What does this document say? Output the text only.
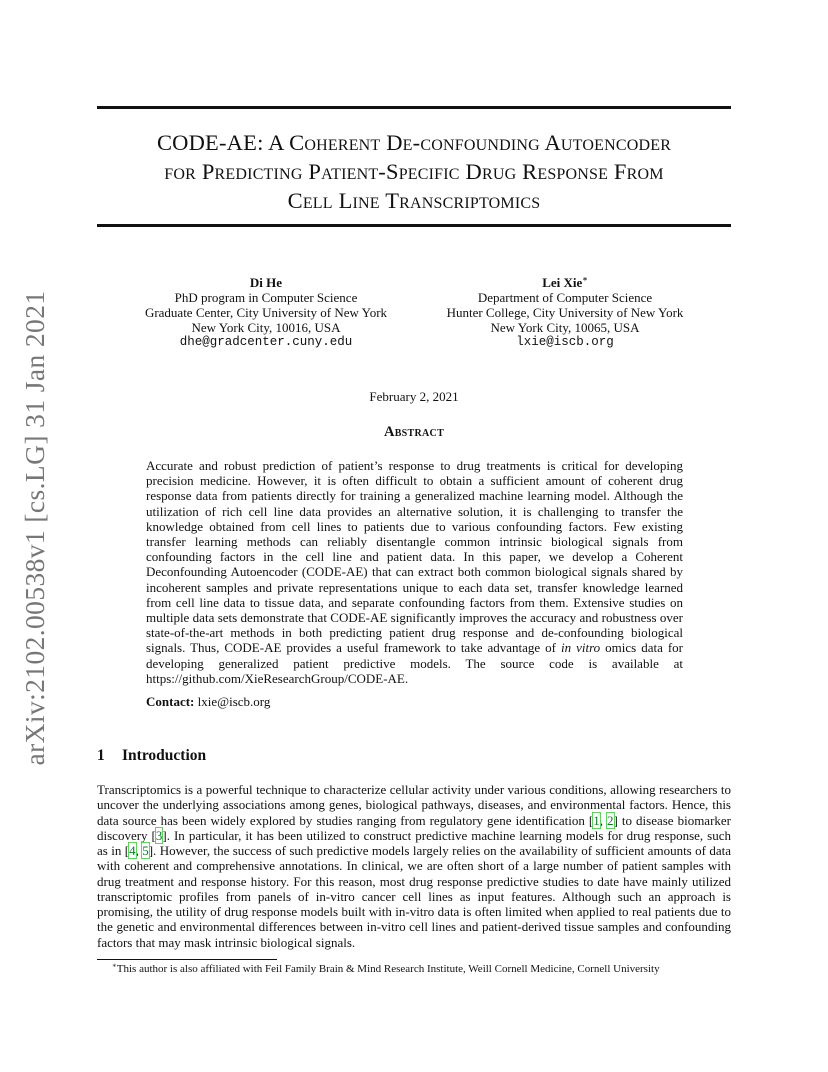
arXiv:2102.00538v1 [cs.LG] 31 Jan 2021
CODE-AE: A Coherent De-confounding Autoencoder
for Predicting Patient-Specific Drug Response From
Cell Line Transcriptomics
Di He
PhD program in Computer Science
Graduate Center, City University of New York
New York City, 10016, USA
dhe@gradcenter.cuny.edu
Lei Xie∗
Department of Computer Science
Hunter College, City University of New York
New York City, 10065, USA
lxie@iscb.org
February 2, 2021
Abstract
Accurate and robust prediction of patient’s response to drug treatments is critical for developing precision medicine. However, it is often difficult to obtain a sufficient amount of coherent drug response data from patients directly for training a generalized machine learning model. Although the utilization of rich cell line data provides an alternative solution, it is challenging to transfer the knowledge obtained from cell lines to patients due to various confounding factors. Few existing transfer learning methods can reliably disentangle common intrinsic biological signals from confounding factors in the cell line and patient data. In this paper, we develop a Coherent Deconfounding Autoencoder (CODE-AE) that can extract both common biological signals shared by incoherent samples and private representations unique to each data set, transfer knowledge learned from cell line data to tissue data, and separate confounding factors from them. Extensive studies on multiple data sets demonstrate that CODE-AE significantly improves the accuracy and robustness over state-of-the-art methods in both predicting patient drug response and de-confounding biological signals. Thus, CODE-AE provides a useful framework to take advantage of in vitro omics data for developing generalized patient predictive models. The source code is available at https://github.com/XieResearchGroup/CODE-AE.
Contact: lxie@iscb.org
1 Introduction
Transcriptomics is a powerful technique to characterize cellular activity under various conditions, allowing researchers to uncover the underlying associations among genes, biological pathways, diseases, and environmental factors. Hence, this data source has been widely explored by studies ranging from regulatory gene identification [1, 2] to disease biomarker discovery [3]. In particular, it has been utilized to construct predictive machine learning models for drug response, such as in [4, 5]. However, the success of such predictive models largely relies on the availability of sufficient amounts of data with coherent and comprehensive annotations. In clinical, we are often short of a large number of patient samples with drug treatment and response history. For this reason, most drug response predictive studies to date have mainly utilized transcriptomic profiles from panels of in-vitro cancer cell lines as input features. Although such an approach is promising, the utility of drug response models built with in-vitro data is often limited when applied to real patients due to the genetic and environmental differences between in-vitro cell lines and patient-derived tissue samples and confounding factors that may mask intrinsic biological signals.
∗This author is also affiliated with Feil Family Brain & Mind Research Institute, Weill Cornell Medicine, Cornell University
